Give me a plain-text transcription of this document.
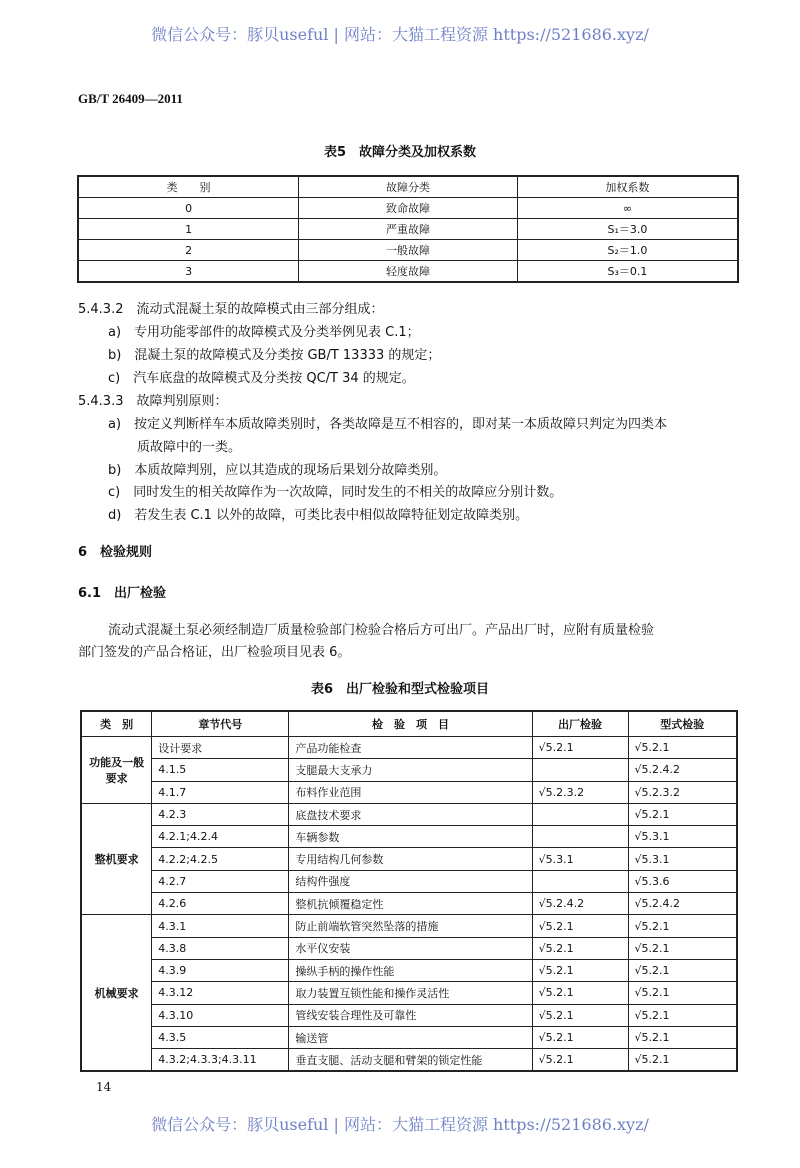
微信公众号：豚贝useful | 网站：大猫工程资源 https://521686.xyz/
GB/T 26409—2011
表5　故障分类及加权系数
类　　别	故障分类	加权系数
0	致命故障	∞
1	严重故障	S₁＝3.0
2	一般故障	S₂＝1.0
3	轻度故障	S₃＝0.1
5.4.3.2　流动式混凝土泵的故障模式由三部分组成：
a)　专用功能零部件的故障模式及分类举例见表 C.1；
b)　混凝土泵的故障模式及分类按 GB/T 13333 的规定；
c)　汽车底盘的故障模式及分类按 QC/T 34 的规定。
5.4.3.3　故障判别原则：
a)　按定义判断样车本质故障类别时，各类故障是互不相容的，即对某一本质故障只判定为四类本
质故障中的一类。
b)　本质故障判别，应以其造成的现场后果划分故障类别。
c)　同时发生的相关故障作为一次故障，同时发生的不相关的故障应分别计数。
d)　若发生表 C.1 以外的故障，可类比表中相似故障特征划定故障类别。
6　检验规则
6.1　出厂检验
流动式混凝土泵必须经制造厂质量检验部门检验合格后方可出厂。产品出厂时，应附有质量检验
部门签发的产品合格证，出厂检验项目见表 6。
表6　出厂检验和型式检验项目
类　别	章节代号	检　验　项　目	出厂检验	型式检验
功能及一般要求	设计要求	产品功能检查	√5.2.1	√5.2.1
	4.1.5	支腿最大支承力		√5.2.4.2
	4.1.7	布料作业范围	√5.2.3.2	√5.2.3.2
整机要求	4.2.3	底盘技术要求		√5.2.1
	4.2.1;4.2.4	车辆参数		√5.3.1
	4.2.2;4.2.5	专用结构几何参数	√5.3.1	√5.3.1
	4.2.7	结构件强度		√5.3.6
	4.2.6	整机抗倾覆稳定性	√5.2.4.2	√5.2.4.2
机械要求	4.3.1	防止前端软管突然坠落的措施	√5.2.1	√5.2.1
	4.3.8	水平仪安装	√5.2.1	√5.2.1
	4.3.9	操纵手柄的操作性能	√5.2.1	√5.2.1
	4.3.12	取力装置互锁性能和操作灵活性	√5.2.1	√5.2.1
	4.3.10	管线安装合理性及可靠性	√5.2.1	√5.2.1
	4.3.5	输送管	√5.2.1	√5.2.1
	4.3.2;4.3.3;4.3.11	垂直支腿、活动支腿和臂架的锁定性能	√5.2.1	√5.2.1
14
微信公众号：豚贝useful | 网站：大猫工程资源 https://521686.xyz/
